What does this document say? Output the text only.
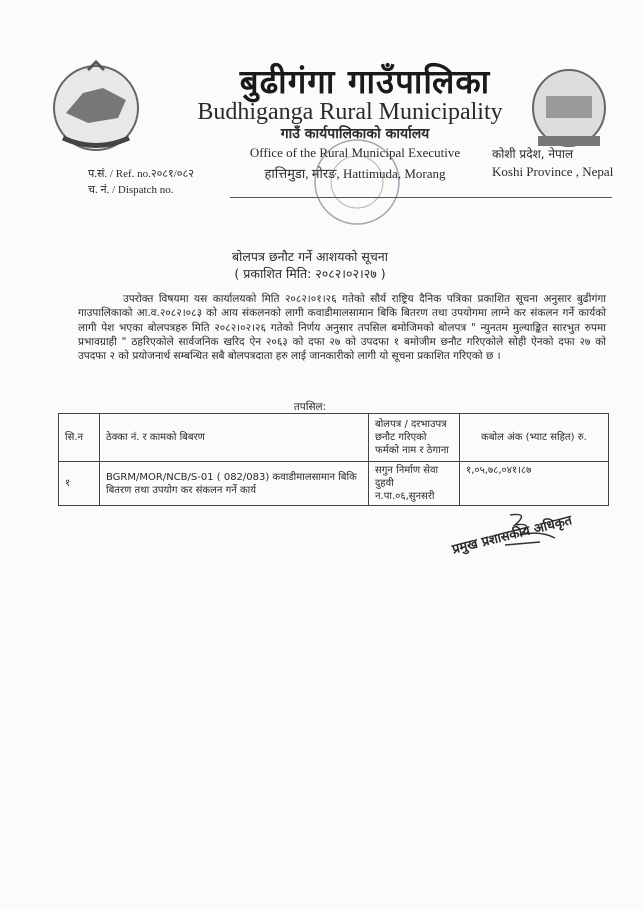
बुढीगंगा गाउँपालिका
Budhiganga Rural Municipality
गाउँ कार्यपालिकाको कार्यालय
Office of the Rural Municipal Executive
हात्तिमुडा, मोरङ, Hattimuda, Morang
कोशी प्रदेश, नेपाल
Koshi Province , Nepal
प.सं. / Ref. no.२०८१/०८२
च. नं. / Dispatch no.
बोलपत्र छनौट गर्ने आशयको सूचना
( प्रकाशित मिति: २०८२।०२।२७ )
उपरोक्त विषयमा यस कार्यालयको मिति २०८२।०१।२६ गतेको सौर्य राष्ट्रिय दैनिक पत्रिका प्रकाशित सूचना अनुसार बुढीगंगा गाउपालिकाको आ.व.२०८२।०८३ को आय संकलनको लागी कवाडीमालसामान बिकि बितरण तथा उपयोगमा लाग्ने कर संकलन गर्ने कार्यको लागी पेश भएका बोलपत्रहरु मिति २०८२।०२।२६ गतेको निर्णय अनुसार तपसिल बमोजिमको बोलपत्र " न्युनतम मुल्याङ्कित सारभुत रुपमा प्रभावग्राही " ठहरिएकोले सार्वजनिक खरिद ऐन २०६३ को दफा २७ को उपदफा १ बमोजीम छनौट गरिएकोले सोही ऐनको दफा २७ को उपदफा २ को प्रयोजनार्थ सम्बन्धित सबै बोलपत्रदाता हरु लाई जानकारीको लागी यो सूचना प्रकाशित गरिएको छ ।
तपसिल:
सि.न	ठेक्का नं. र कामको बिबरण	बोलपत्र / दरभाउपत्र छनौट गरिएको फर्मको नाम र ठेगाना	कबोल अंक (भ्याट सहित) रु.
१	BGRM/MOR/NCB/S-01 ( 082/083) कवाडीमालसामान बिकि बितरण तथा उपयोग कर संकलन गर्ने कार्य	सगुन निर्माण सेवा दुहवी न.पा.०६,सुनसरी	१,०५,७८,०४१।८७
प्रमुख प्रशासकीय अधिकृत
